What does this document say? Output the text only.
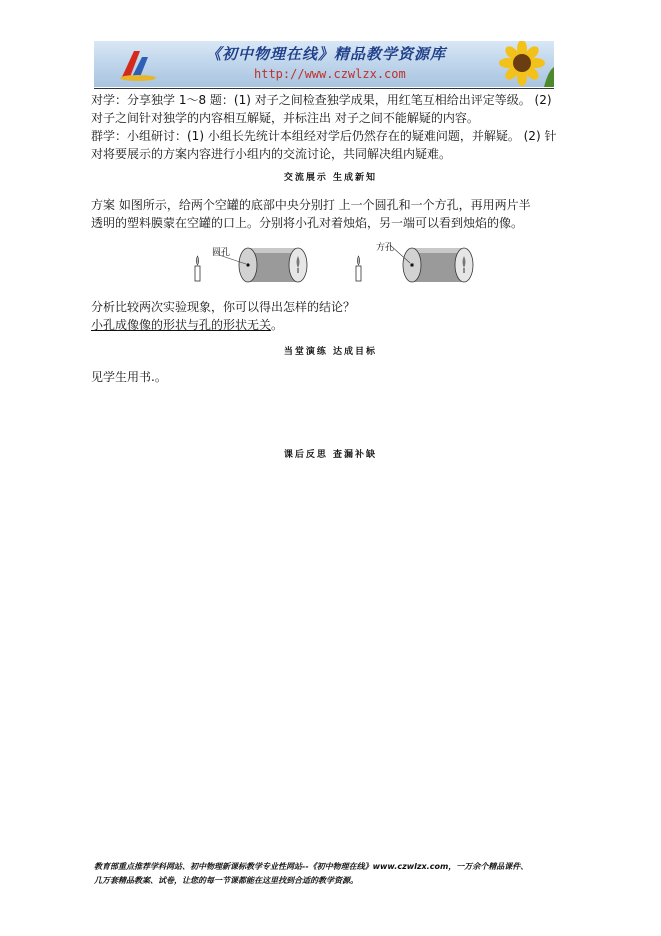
《初中物理在线》精品教学资源库
http://www.czwlzx.com

对学：分享独学 1～8 题：(1) 对子之间检查独学成果，用红笔互相给出评定等级。 (2)
对子之间针对独学的内容相互解疑，并标注出 对子之间不能解疑的内容。

群学：小组研讨：(1) 小组长先统计本组经对学后仍然存在的疑难问题，并解疑。 (2) 针
对将要展示的方案内容进行小组内的交流讨论，共同解决组内疑难。

交流展示 生成新知

方案 如图所示，给两个空罐的底部中央分别打 上一个圆孔和一个方孔，再用两片半
透明的塑料膜蒙在空罐的口上。分别将小孔对着烛焰，另一端可以看到烛焰的像。

圆孔	方孔

分析比较两次实验现象，你可以得出怎样的结论？
小孔成像像的形状与孔的形状无关。

当堂演练 达成目标

见学生用书.。

课后反思 查漏补缺
教育部重点推荐学科网站、初中物理新课标教学专业性网站--《初中物理在线》www.czwlzx.com，一万余个精品课件、
几万套精品教案、试卷，让您的每一节课都能在这里找到合适的教学资源。
